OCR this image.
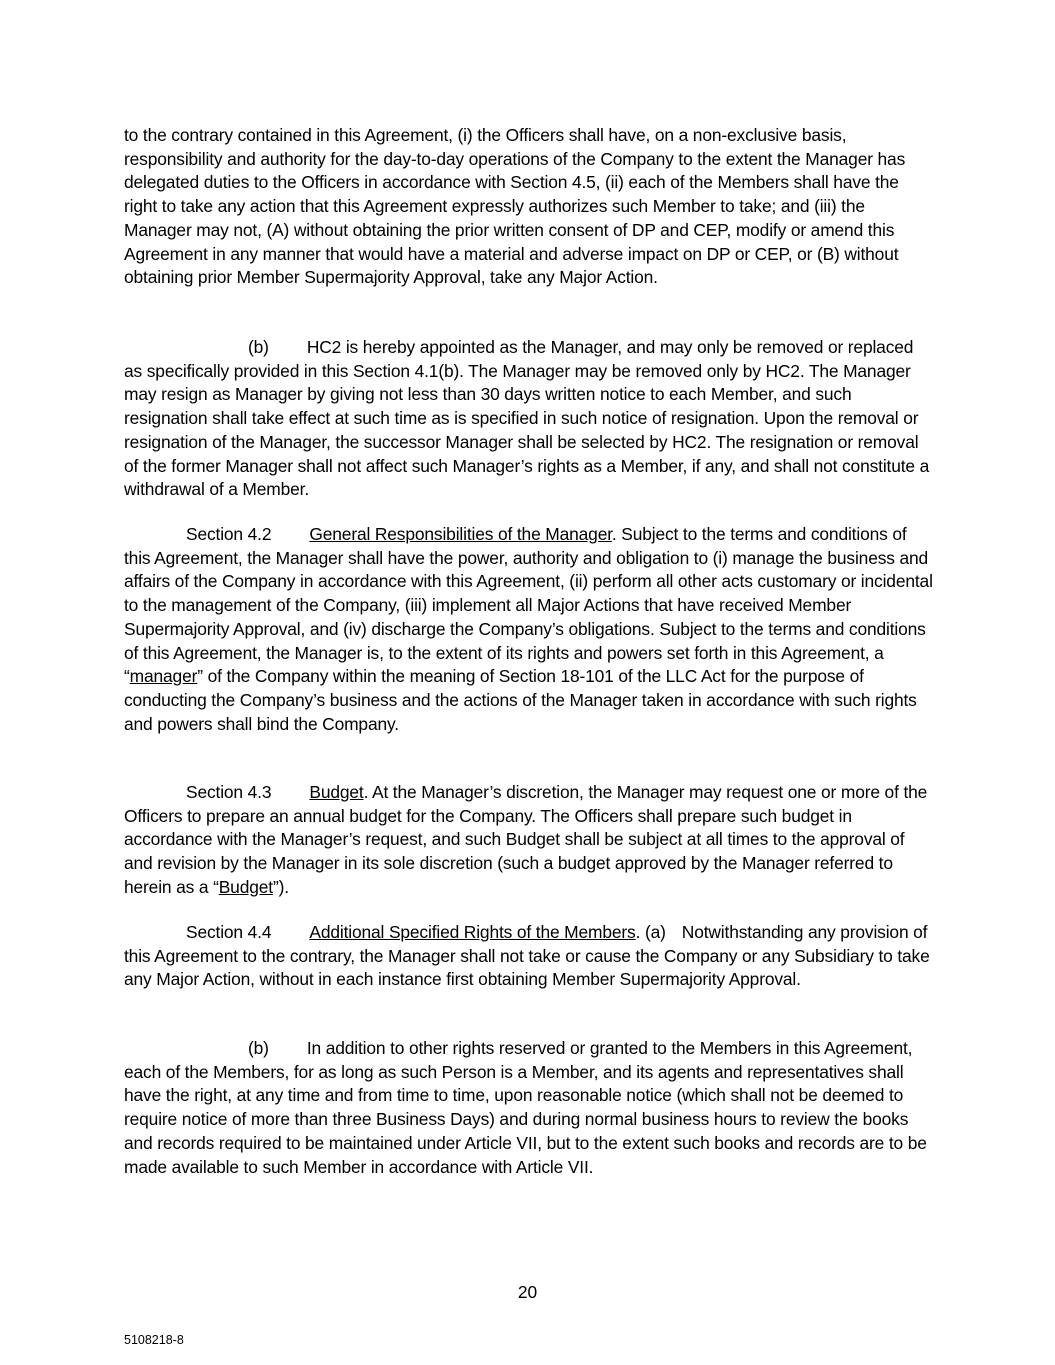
to the contrary contained in this Agreement, (i) the Officers shall have, on a non-exclusive basis, responsibility and authority for the day-to-day operations of the Company to the extent the Manager has delegated duties to the Officers in accordance with Section 4.5, (ii) each of the Members shall have the right to take any action that this Agreement expressly authorizes such Member to take; and (iii) the Manager may not, (A) without obtaining the prior written consent of DP and CEP, modify or amend this Agreement in any manner that would have a material and adverse impact on DP or CEP, or (B) without obtaining prior Member Supermajority Approval, take any Major Action.

(b) HC2 is hereby appointed as the Manager, and may only be removed or replaced as specifically provided in this Section 4.1(b). The Manager may be removed only by HC2. The Manager may resign as Manager by giving not less than 30 days written notice to each Member, and such resignation shall take effect at such time as is specified in such notice of resignation. Upon the removal or resignation of the Manager, the successor Manager shall be selected by HC2. The resignation or removal of the former Manager shall not affect such Manager’s rights as a Member, if any, and shall not constitute a withdrawal of a Member.

Section 4.2 General Responsibilities of the Manager. Subject to the terms and conditions of this Agreement, the Manager shall have the power, authority and obligation to (i) manage the business and affairs of the Company in accordance with this Agreement, (ii) perform all other acts customary or incidental to the management of the Company, (iii) implement all Major Actions that have received Member Supermajority Approval, and (iv) discharge the Company’s obligations. Subject to the terms and conditions of this Agreement, the Manager is, to the extent of its rights and powers set forth in this Agreement, a “manager” of the Company within the meaning of Section 18-101 of the LLC Act for the purpose of conducting the Company’s business and the actions of the Manager taken in accordance with such rights and powers shall bind the Company.

Section 4.3 Budget. At the Manager’s discretion, the Manager may request one or more of the Officers to prepare an annual budget for the Company. The Officers shall prepare such budget in accordance with the Manager’s request, and such Budget shall be subject at all times to the approval of and revision by the Manager in its sole discretion (such a budget approved by the Manager referred to herein as a “Budget”).

Section 4.4 Additional Specified Rights of the Members. (a) Notwithstanding any provision of this Agreement to the contrary, the Manager shall not take or cause the Company or any Subsidiary to take any Major Action, without in each instance first obtaining Member Supermajority Approval.

(b) In addition to other rights reserved or granted to the Members in this Agreement, each of the Members, for as long as such Person is a Member, and its agents and representatives shall have the right, at any time and from time to time, upon reasonable notice (which shall not be deemed to require notice of more than three Business Days) and during normal business hours to review the books and records required to be maintained under Article VII, but to the extent such books and records are to be made available to such Member in accordance with Article VII.

20
5108218-8
